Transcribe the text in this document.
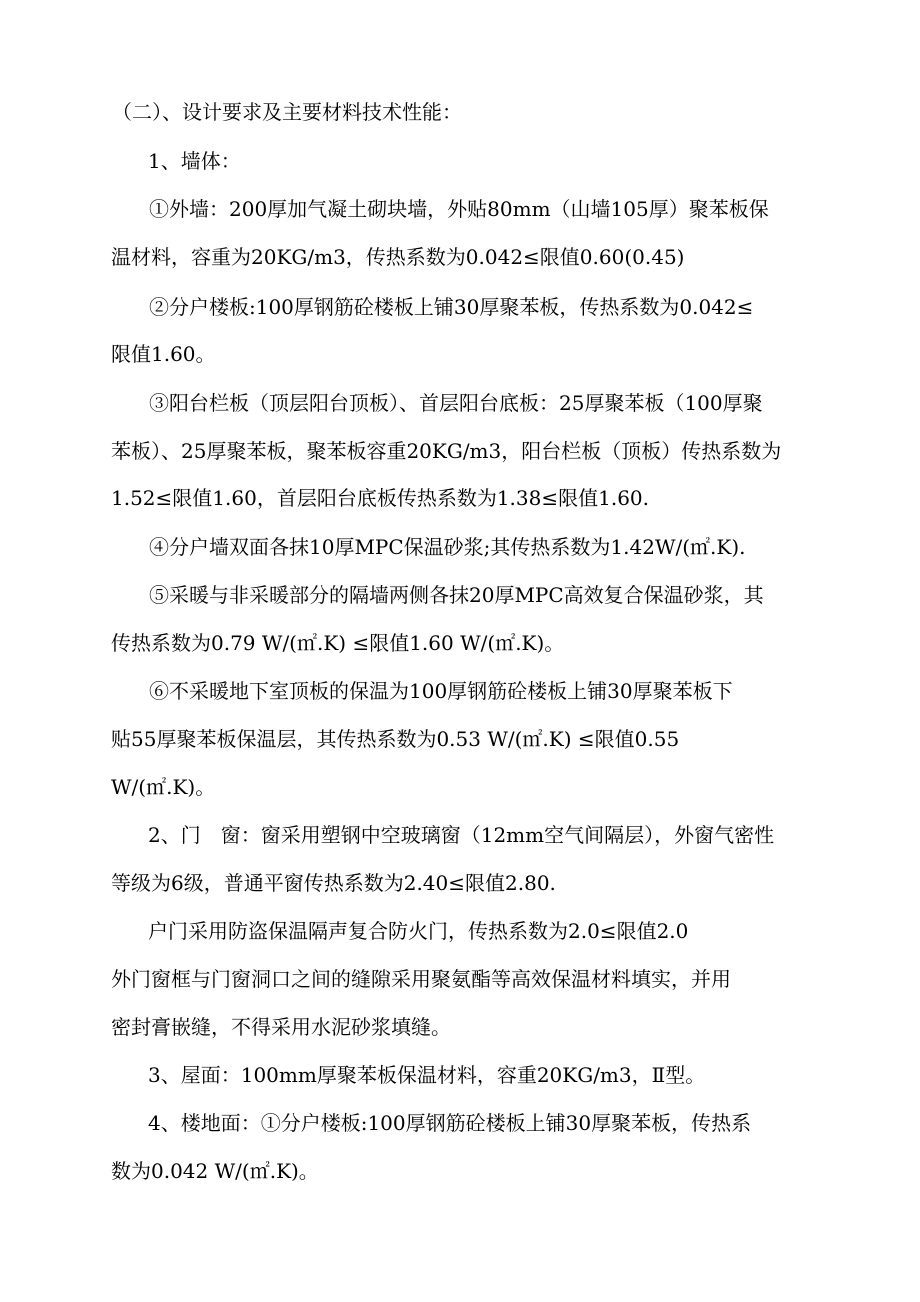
（二）、设计要求及主要材料技术性能：
1、墙体：
①外墙：200厚加气凝土砌块墙，外贴80mm（山墙105厚）聚苯板保
温材料，容重为20KG/m3，传热系数为0.042≤限值0.60(0.45)
②分户楼板:100厚钢筋砼楼板上铺30厚聚苯板，传热系数为0.042≤
限值1.60。
③阳台栏板（顶层阳台顶板）、首层阳台底板：25厚聚苯板（100厚聚
苯板）、25厚聚苯板，聚苯板容重20KG/m3，阳台栏板（顶板）传热系数为
1.52≤限值1.60，首层阳台底板传热系数为1.38≤限值1.60.
④分户墙双面各抹10厚MPC保温砂浆;其传热系数为1.42W/(㎡.K).
⑤采暖与非采暖部分的隔墙两侧各抹20厚MPC高效复合保温砂浆，其
传热系数为0.79 W/(㎡.K) ≤限值1.60 W/(㎡.K)。
⑥不采暖地下室顶板的保温为100厚钢筋砼楼板上铺30厚聚苯板下
贴55厚聚苯板保温层，其传热系数为0.53 W/(㎡.K) ≤限值0.55
W/(㎡.K)。
2、门　窗：窗采用塑钢中空玻璃窗（12mm空气间隔层），外窗气密性
等级为6级，普通平窗传热系数为2.40≤限值2.80.
户门采用防盗保温隔声复合防火门，传热系数为2.0≤限值2.0
外门窗框与门窗洞口之间的缝隙采用聚氨酯等高效保温材料填实，并用
密封膏嵌缝，不得采用水泥砂浆填缝。
3、屋面：100mm厚聚苯板保温材料，容重20KG/m3，Ⅱ型。
4、楼地面：①分户楼板:100厚钢筋砼楼板上铺30厚聚苯板，传热系
数为0.042 W/(㎡.K)。
